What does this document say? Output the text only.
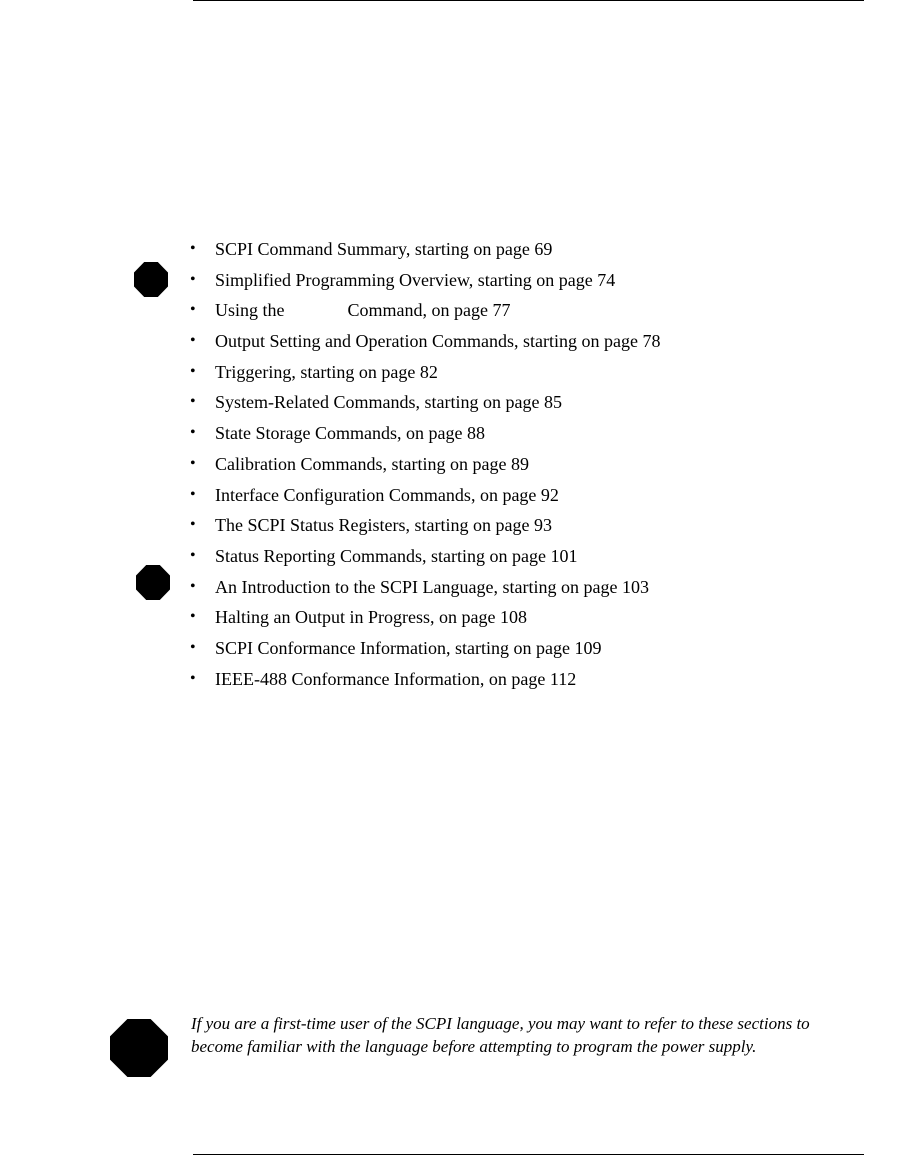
• SCPI Command Summary, starting on page 69
• Simplified Programming Overview, starting on page 74
• Using the              Command, on page 77
• Output Setting and Operation Commands, starting on page 78
• Triggering, starting on page 82
• System-Related Commands, starting on page 85
• State Storage Commands, on page 88
• Calibration Commands, starting on page 89
• Interface Configuration Commands, on page 92
• The SCPI Status Registers, starting on page 93
• Status Reporting Commands, starting on page 101
• An Introduction to the SCPI Language, starting on page 103
• Halting an Output in Progress, on page 108
• SCPI Conformance Information, starting on page 109
• IEEE-488 Conformance Information, on page 112

If you are a first-time user of the SCPI language, you may want to refer to these sections to become familiar with the language before attempting to program the power supply.
